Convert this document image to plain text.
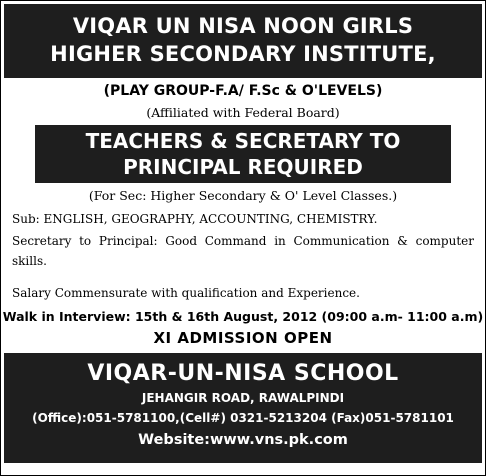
VIQAR UN NISA NOON GIRLS
HIGHER SECONDARY INSTITUTE,
(PLAY GROUP-F.A/ F.Sc & O'LEVELS)
(Affiliated with Federal Board)
TEACHERS & SECRETARY TO
PRINCIPAL REQUIRED
(For Sec: Higher Secondary & O' Level Classes.)
Sub: ENGLISH, GEOGRAPHY, ACCOUNTING, CHEMISTRY.
Secretary to Principal: Good Command in Communication & computer skills.
Salary Commensurate with qualification and Experience.
Walk in Interview: 15th & 16th August, 2012 (09:00 a.m- 11:00 a.m)
XI ADMISSION OPEN
VIQAR-UN-NISA SCHOOL
JEHANGIR ROAD, RAWALPINDI
(Office):051-5781100,(Cell#) 0321-5213204 (Fax)051-5781101
Website:www.vns.pk.com
